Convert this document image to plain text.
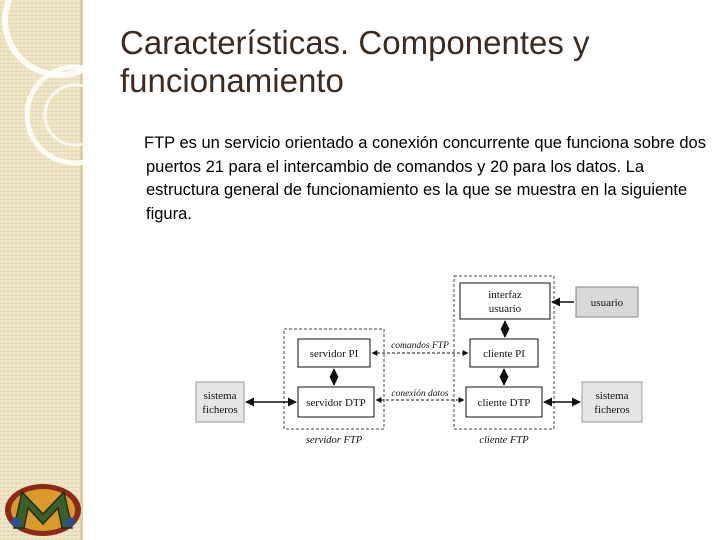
Características. Componentes y funcionamiento

FTP es un servicio orientado a conexión concurrente que funciona sobre dos puertos 21 para el intercambio de comandos y 20 para los datos. La estructura general de funcionamiento es la que se muestra en la siguiente figura.

interfaz
usuario	usuario
servidor PI	cliente PI
servidor DTP	cliente DTP
sistema
ficheros
sistema
ficheros
comandos FTP
conexión datos
servidor FTP	cliente FTP
